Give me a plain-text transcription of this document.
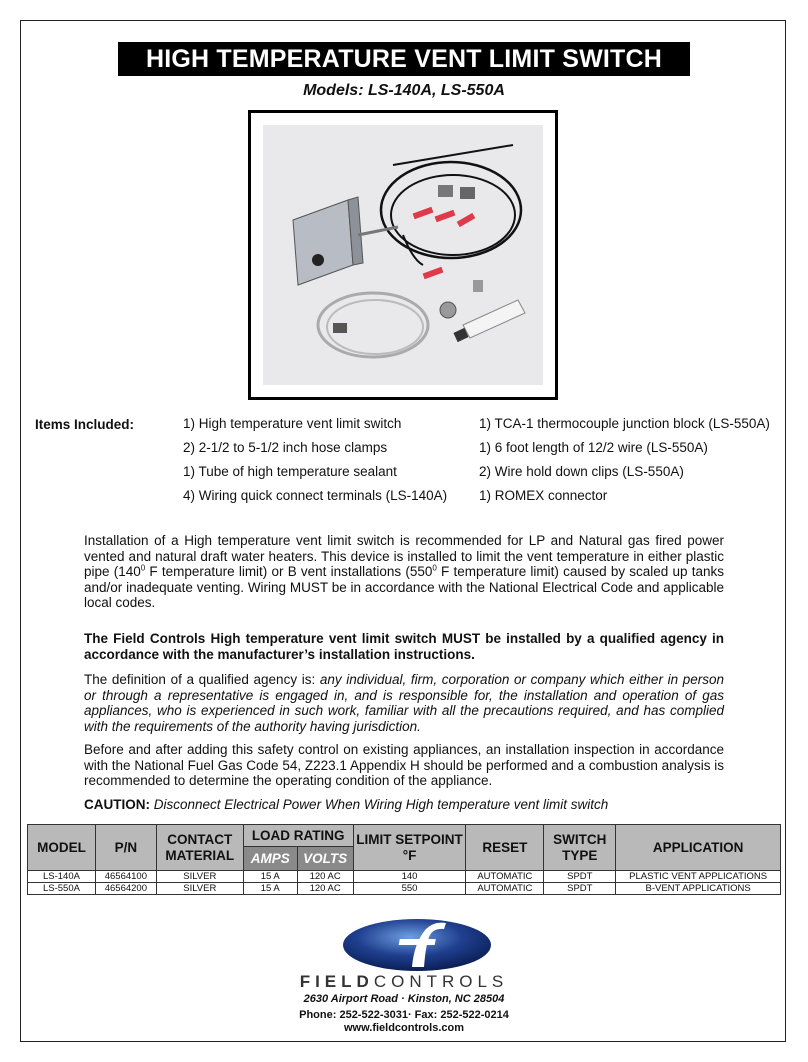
HIGH TEMPERATURE VENT LIMIT SWITCH
Models: LS-140A, LS-550A
Items Included:	1) High temperature vent limit switch
2) 2-1/2 to 5-1/2 inch hose clamps
1) Tube of high temperature sealant
4) Wiring quick connect terminals (LS-140A)
1) TCA-1 thermocouple junction block (LS-550A)
1) 6 foot length of 12/2 wire (LS-550A)
2) Wire hold down clips (LS-550A)
1) ROMEX connector
Installation of a High temperature vent limit switch is recommended for LP and Natural gas fired power vented and natural draft water heaters. This device is installed to limit the vent temperature in either plastic pipe ($140^0$ F temperature limit) or B vent installations ($550^0$ F temperature limit) caused by scaled up tanks and/or inadequate venting. Wiring MUST be in accordance with the National Electrical Code and applicable local codes.
The Field Controls High temperature vent limit switch MUST be installed by a qualified agency in accordance with the manufacturer’s installation instructions.
The definition of a qualified agency is: any individual, firm, corporation or company which either in person or through a representative is engaged in, and is responsible for, the installation and operation of gas appliances, who is experienced in such work, familiar with all the precautions required, and has complied with the requirements of the authority having jurisdiction.
Before and after adding this safety control on existing appliances, an installation inspection in accordance with the National Fuel Gas Code 54, Z223.1 Appendix H should be performed and a combustion analysis is recommended to determine the operating condition of the appliance.
CAUTION: Disconnect Electrical Power When Wiring High temperature vent limit switch
MODEL	P/N	CONTACT MATERIAL	LOAD RATING		LIMIT SETPOINT °F	RESET	SWITCH TYPE	APPLICATION
			AMPS	VOLTS				
LS-140A	46564100	SILVER	15 A	120 AC	140	AUTOMATIC	SPDT	PLASTIC VENT APPLICATIONS
LS-550A	46564200	SILVER	15 A	120 AC	550	AUTOMATIC	SPDT	B-VENT APPLICATIONS
FIELDCONTROLS
2630 Airport Road · Kinston, NC 28504
Phone: 252-522-3031· Fax: 252-522-0214
www.fieldcontrols.com
